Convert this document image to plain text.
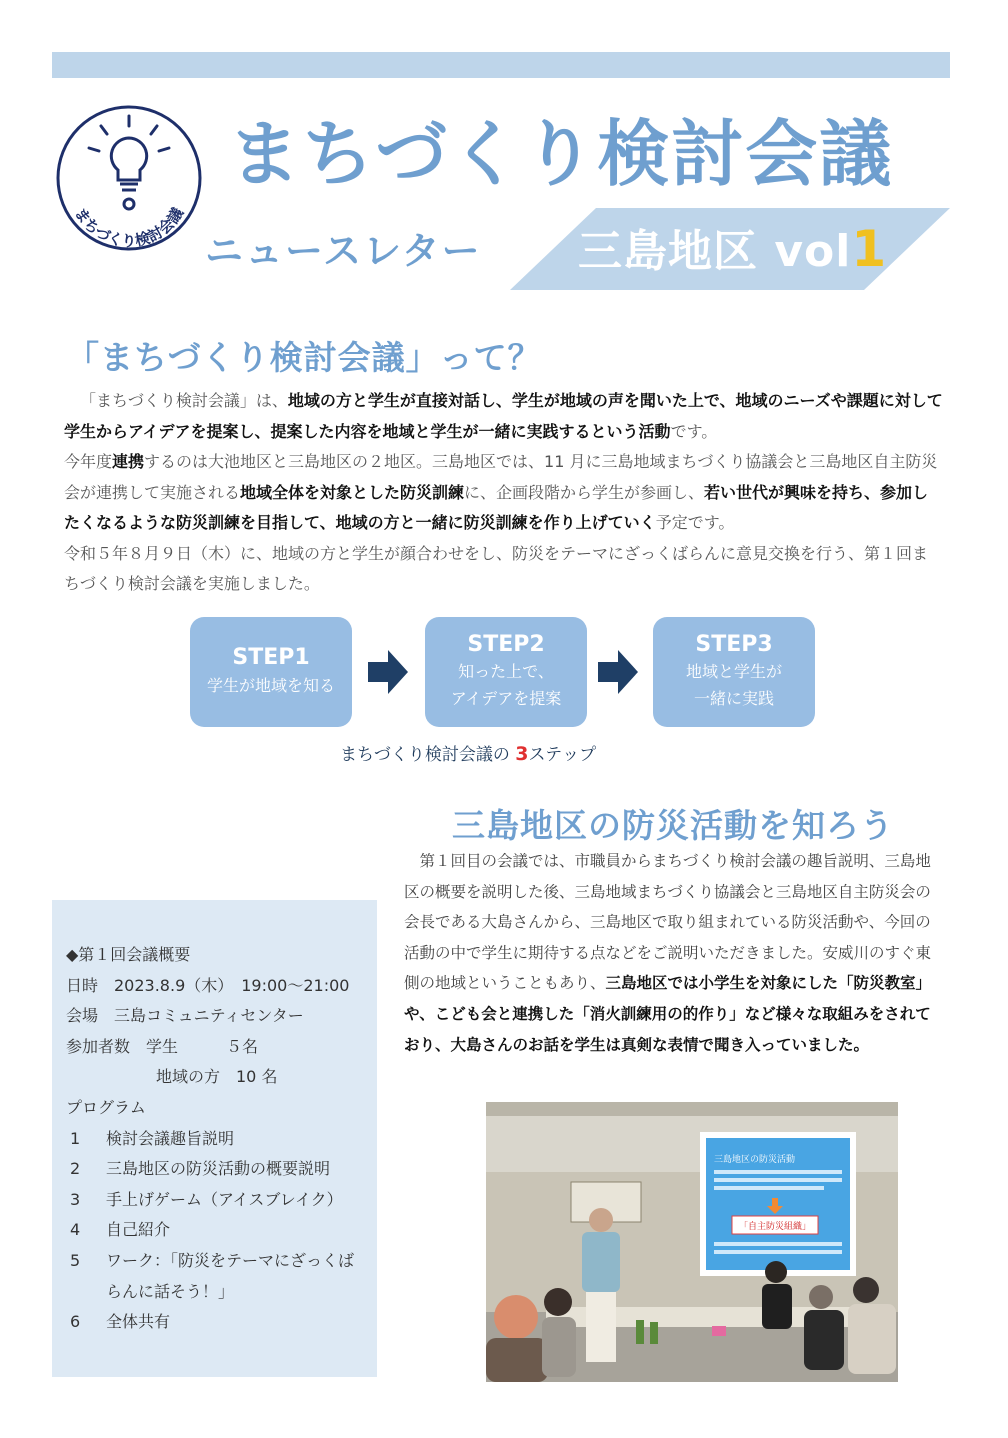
まちづくり検討会議
まちづくり検討会議
ニュースレター 三島地区 vol1
「まちづくり検討会議」って？

「まちづくり検討会議」は、地域の方と学生が直接対話し、学生が地域の声を聞いた上で、地域のニーズや課題に対して学生からアイデアを提案し、提案した内容を地域と学生が一緒に実践するという活動です。

今年度連携するのは大池地区と三島地区の２地区。三島地区では、11 月に三島地域まちづくり協議会と三島地区自主防災会が連携して実施される地域全体を対象とした防災訓練に、企画段階から学生が参画し、若い世代が興味を持ち、参加したくなるような防災訓練を目指して、地域の方と一緒に防災訓練を作り上げていく予定です。

令和５年８月９日（木）に、地域の方と学生が顔合わせをし、防災をテーマにざっくばらんに意見交換を行う、第１回まちづくり検討会議を実施しました。

STEP1
学生が地域を知る
STEP2
知った上で、
アイデアを提案
STEP3
地域と学生が
一緒に実践
まちづくり検討会議の 3ステップ
三島地区の防災活動を知ろう
第１回目の会議では、市職員からまちづくり検討会議の趣旨説明、三島地区の概要を説明した後、三島地域まちづくり協議会と三島地区自主防災会の会長である大島さんから、三島地区で取り組まれている防災活動や、今回の活動の中で学生に期待する点などをご説明いただきました。安威川のすぐ東側の地域ということもあり、三島地区では小学生を対象にした「防災教室」や、こども会と連携した「消火訓練用の的作り」など様々な取組みをされており、大島さんのお話を学生は真剣な表情で聞き入っていました。
◆第１回会議概要
日時　2023.8.9（木）　19:00～21:00
会場　三島コミュニティセンター
参加者数　学生　　　５名
地域の方　10 名
プログラム
1	検討会議趣旨説明
2	三島地区の防災活動の概要説明
3	手上げゲーム（アイスブレイク）
4	自己紹介
5	ワーク：「防災をテーマにざっくばらんに話そう！」
6	全体共有
三島地区の防災活動
「自主防災組織」
